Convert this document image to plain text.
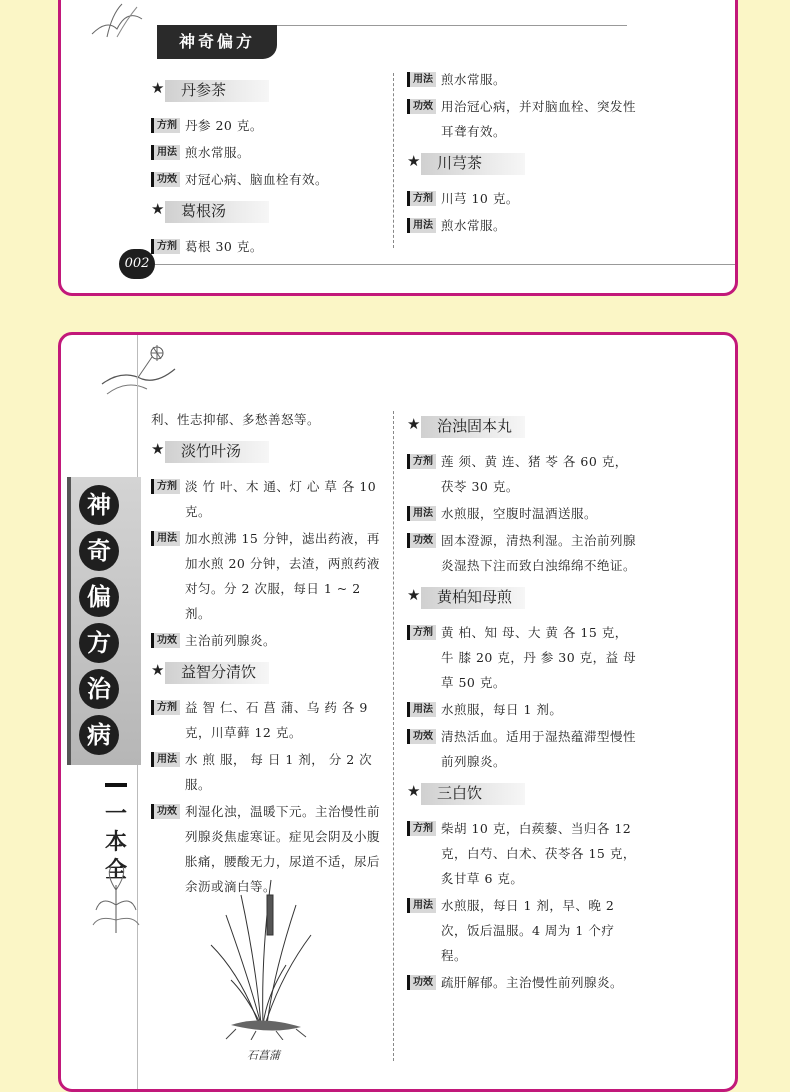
神奇偏方
★ 丹参茶
方剂 丹参 20 克。
用法 煎水常服。
功效 对冠心病、脑血栓有效。
★ 葛根汤
方剂 葛根 30 克。
用法 煎水常服。
功效 用治冠心病，并对脑血栓、突发性耳聋有效。
★ 川芎茶
方剂 川芎 10 克。
用法 煎水常服。
002
神
奇
偏
方
治
病
一本全
利、性志抑郁、多愁善怒等。
★ 淡竹叶汤
方剂 淡 竹 叶、木 通、灯 心 草 各 10 克。
用法 加水煎沸 15 分钟，滤出药液，再加水煎 20 分钟，去渣，两煎药液对匀。分 2 次服，每日 1 ~ 2 剂。
功效 主治前列腺炎。
★ 益智分清饮
方剂 益 智 仁、石 菖 蒲、乌 药 各 9 克，川草藓 12 克。
用法 水 煎 服， 每 日 1 剂， 分 2 次服。
功效 利湿化浊，温暖下元。主治慢性前列腺炎焦虚寒证。症见会阴及小腹胀痛，腰酸无力，尿道不适，尿后余沥或滴白等。
★ 治浊固本丸
方剂 莲 须、黄 连、猪 苓 各 60 克，茯苓 30 克。
用法 水煎服，空腹时温酒送服。
功效 固本澄源，清热利湿。主治前列腺炎湿热下注而致白浊绵绵不绝证。
★ 黄柏知母煎
方剂 黄 柏、知 母、大 黄 各 15 克，牛 膝 20 克，丹 参 30 克，益 母 草 50 克。
用法 水煎服，每日 1 剂。
功效 清热活血。适用于湿热蕴滞型慢性前列腺炎。
★ 三白饮
方剂 柴胡 10 克，白蒺藜、当归各 12 克，白芍、白术、茯苓各 15 克，炙甘草 6 克。
用法 水煎服，每日 1 剂，早、晚 2 次，饭后温服。4 周为 1 个疗程。
功效 疏肝解郁。主治慢性前列腺炎。
石菖蒲
